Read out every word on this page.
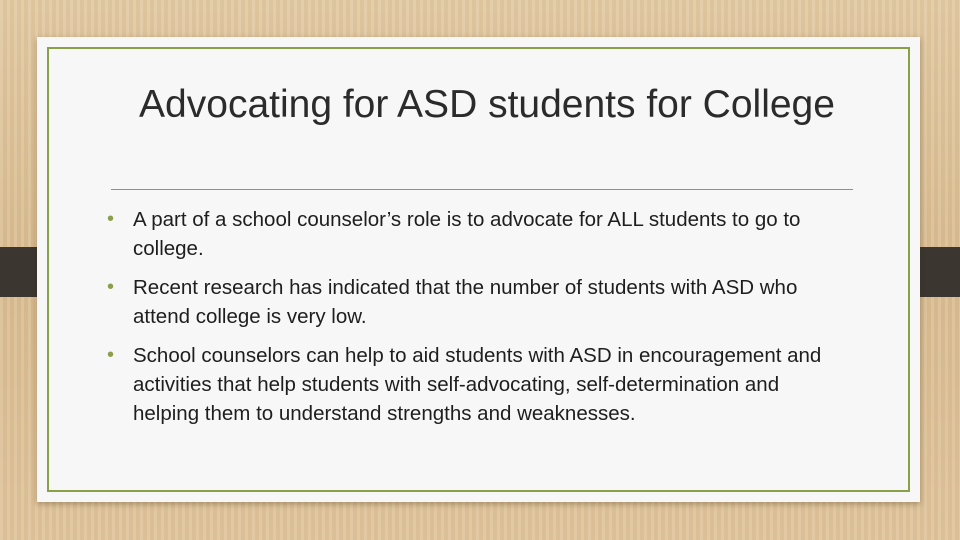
Advocating for ASD students for College
• A part of a school counselor’s role is to advocate for ALL students to go to college.
• Recent research has indicated that the number of students with ASD who attend college is very low.
• School counselors can help to aid students with ASD in encouragement and activities that help students with self-advocating, self-determination and helping them to understand strengths and weaknesses.
